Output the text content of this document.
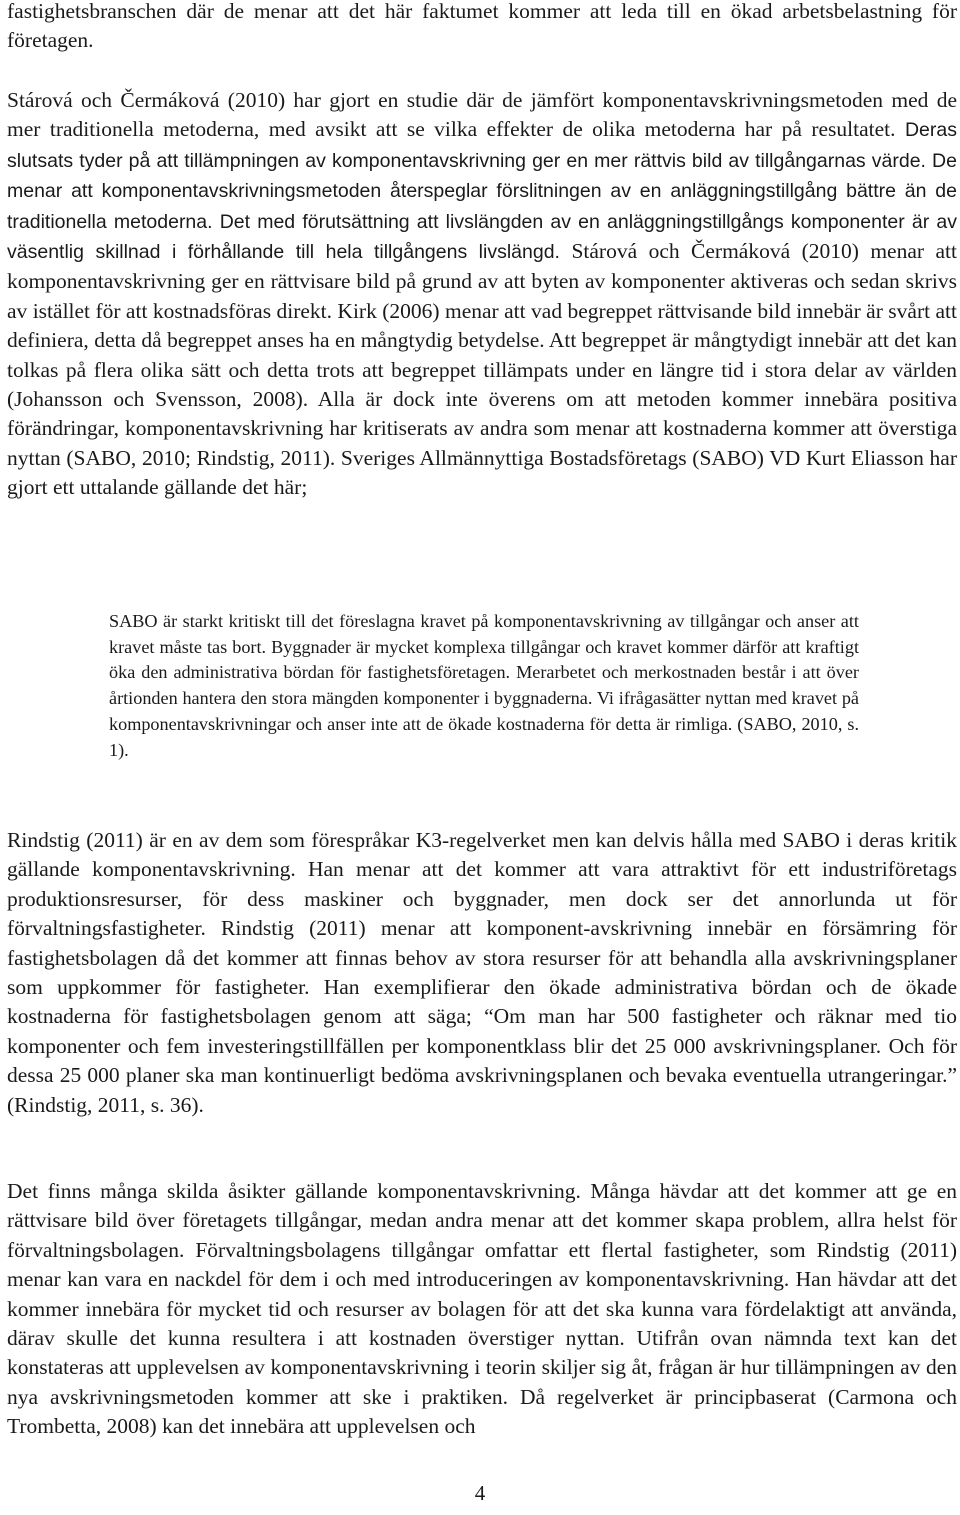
fastighetsbranschen där de menar att det här faktumet kommer att leda till en ökad arbetsbelastning för företagen.

Stárová och Čermáková (2010) har gjort en studie där de jämfört komponentavskrivningsmetoden med de mer traditionella metoderna, med avsikt att se vilka effekter de olika metoderna har på resultatet. Deras slutsats tyder på att tillämpningen av komponentavskrivning ger en mer rättvis bild av tillgångarnas värde. De menar att komponentavskrivningsmetoden återspeglar förslitningen av en anläggningstillgång bättre än de traditionella metoderna. Det med förutsättning att livslängden av en anläggningstillgångs komponenter är av väsentlig skillnad i förhållande till hela tillgångens livslängd. Stárová och Čermáková (2010) menar att komponentavskrivning ger en rättvisare bild på grund av att byten av komponenter aktiveras och sedan skrivs av istället för att kostnadsföras direkt. Kirk (2006) menar att vad begreppet rättvisande bild innebär är svårt att definiera, detta då begreppet anses ha en mångtydig betydelse. Att begreppet är mångtydigt innebär att det kan tolkas på flera olika sätt och detta trots att begreppet tillämpats under en längre tid i stora delar av världen (Johansson och Svensson, 2008). Alla är dock inte överens om att metoden kommer innebära positiva förändringar, komponentavskrivning har kritiserats av andra som menar att kostnaderna kommer att överstiga nyttan (SABO, 2010; Rindstig, 2011). Sveriges Allmännyttiga Bostadsföretags (SABO) VD Kurt Eliasson har gjort ett uttalande gällande det här;

SABO är starkt kritiskt till det föreslagna kravet på komponentavskrivning av tillgångar och anser att kravet måste tas bort. Byggnader är mycket komplexa tillgångar och kravet kommer därför att kraftigt öka den administrativa bördan för fastighetsföretagen. Merarbetet och merkostnaden består i att över årtionden hantera den stora mängden komponenter i byggnaderna. Vi ifrågasätter nyttan med kravet på komponentavskrivningar och anser inte att de ökade kostnaderna för detta är rimliga. (SABO, 2010, s. 1).

Rindstig (2011) är en av dem som förespråkar K3-regelverket men kan delvis hålla med SABO i deras kritik gällande komponentavskrivning. Han menar att det kommer att vara attraktivt för ett industriföretags produktionsresurser, för dess maskiner och byggnader, men dock ser det annorlunda ut för förvaltningsfastigheter. Rindstig (2011) menar att komponent-avskrivning innebär en försämring för fastighetsbolagen då det kommer att finnas behov av stora resurser för att behandla alla avskrivningsplaner som uppkommer för fastigheter. Han exemplifierar den ökade administrativa bördan och de ökade kostnaderna för fastighetsbolagen genom att säga; “Om man har 500 fastigheter och räknar med tio komponenter och fem investeringstillfällen per komponentklass blir det 25 000 avskrivningsplaner. Och för dessa 25 000 planer ska man kontinuerligt bedöma avskrivningsplanen och bevaka eventuella utrangeringar.” (Rindstig, 2011, s. 36).

Det finns många skilda åsikter gällande komponentavskrivning. Många hävdar att det kommer att ge en rättvisare bild över företagets tillgångar, medan andra menar att det kommer skapa problem, allra helst för förvaltningsbolagen. Förvaltningsbolagens tillgångar omfattar ett flertal fastigheter, som Rindstig (2011) menar kan vara en nackdel för dem i och med introduceringen av komponentavskrivning. Han hävdar att det kommer innebära för mycket tid och resurser av bolagen för att det ska kunna vara fördelaktigt att använda, därav skulle det kunna resultera i att kostnaden överstiger nyttan. Utifrån ovan nämnda text kan det konstateras att upplevelsen av komponentavskrivning i teorin skiljer sig åt, frågan är hur tillämpningen av den nya avskrivningsmetoden kommer att ske i praktiken. Då regelverket är principbaserat (Carmona och Trombetta, 2008) kan det innebära att upplevelsen och

4
